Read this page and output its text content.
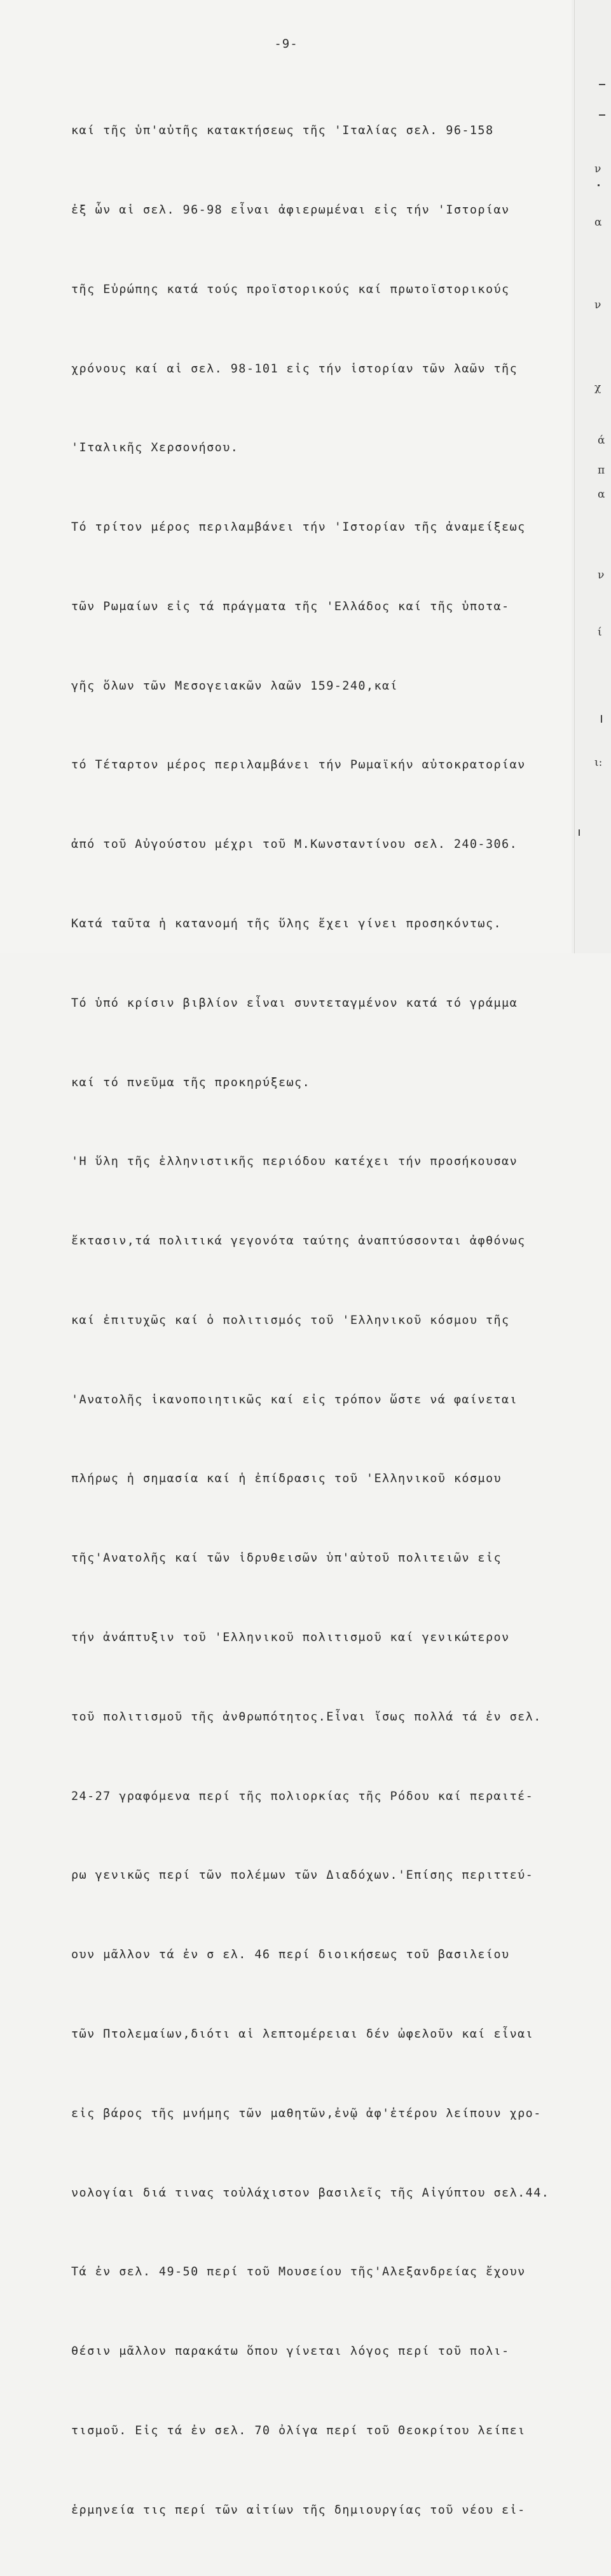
-9-

καί τῆς ὑπ'αὐτῆς κατακτήσεως τῆς 'Ιταλίας σελ. 96-158

ἐξ ὧν αἱ σελ. 96-98 εἶναι ἀφιερωμέναι εἰς τήν 'Ιστορίαν

τῆς Εὐρώπης κατά τούς προϊστορικούς καί πρωτοϊστορικούς

χρόνους καί αἱ σελ. 98-101 εἰς τήν ἱστορίαν τῶν λαῶν τῆς

'Ιταλικῆς Χερσονήσου.

Τό τρίτον μέρος περιλαμβάνει τήν 'Ιστορίαν τῆς ἀναμείξεως

τῶν Ρωμαίων εἰς τά πράγματα τῆς 'Ελλάδος καί τῆς ὑποτα-

γῆς ὅλων τῶν Μεσογειακῶν λαῶν 159-240,καί

τό Τέταρτον μέρος περιλαμβάνει τήν Ρωμαϊκήν αὐτοκρατορίαν

ἀπό τοῦ Αὐγούστου μέχρι τοῦ Μ.Κωνσταντίνου σελ. 240-306.

Κατά ταῦτα ἡ κατανομή τῆς ὕλης ἔχει γίνει προσηκόντως.

Τό ὑπό κρίσιν βιβλίον εἶναι συντεταγμένον κατά τό γράμμα

καί τό πνεῦμα τῆς προκηρύξεως.

'Η ὕλη τῆς ἑλληνιστικῆς περιόδου κατέχει τήν προσήκουσαν

ἔκτασιν,τά πολιτικά γεγονότα ταύτης ἀναπτύσσονται ἀφθόνως

καί ἐπιτυχῶς καί ὁ πολιτισμός τοῦ 'Ελληνικοῦ κόσμου τῆς

'Ανατολῆς ἱκανοποιητικῶς καί εἰς τρόπον ὥστε νά φαίνεται

πλήρως ἡ σημασία καί ἡ ἐπίδρασις τοῦ 'Ελληνικοῦ κόσμου

τῆς'Ανατολῆς καί τῶν ἱδρυθεισῶν ὑπ'αὐτοῦ πολιτειῶν εἰς

τήν ἀνάπτυξιν τοῦ 'Ελληνικοῦ πολιτισμοῦ καί γενικώτερον

τοῦ πολιτισμοῦ τῆς ἀνθρωπότητος.Εἶναι ἴσως πολλά τά ἐν σελ.

24-27 γραφόμενα περί τῆς πολιορκίας τῆς Ρόδου καί περαιτέ-

ρω γενικῶς περί τῶν πολέμων τῶν Διαδόχων.'Επίσης περιττεύ-

ουν μᾶλλον τά ἐν σ ελ. 46 περί διοικήσεως τοῦ βασιλείου

τῶν Πτολεμαίων,διότι αἱ λεπτομέρειαι δέν ὠφελοῦν καί εἶναι

εἰς βάρος τῆς μνήμης τῶν μαθητῶν,ἐνῷ ἀφ'ἑτέρου λείπουν χρο-

νολογίαι διά τινας τοὐλάχιστον βασιλεῖς τῆς Αἰγύπτου σελ.44.

Τά ἐν σελ. 49-50 περί τοῦ Μουσείου τῆς'Αλεξανδρείας ἔχουν

θέσιν μᾶλλον παρακάτω ὅπου γίνεται λόγος περί τοῦ πολι-

τισμοῦ. Εἰς τά ἐν σελ. 70 ὀλίγα περί τοῦ Θεοκρίτου λείπει

ἑρμηνεία τις περί τῶν αἰτίων τῆς δημιουργίας τοῦ νέου εἰ-

ν
α
ν
χ
ά
π
α
ν
ί
ι:
